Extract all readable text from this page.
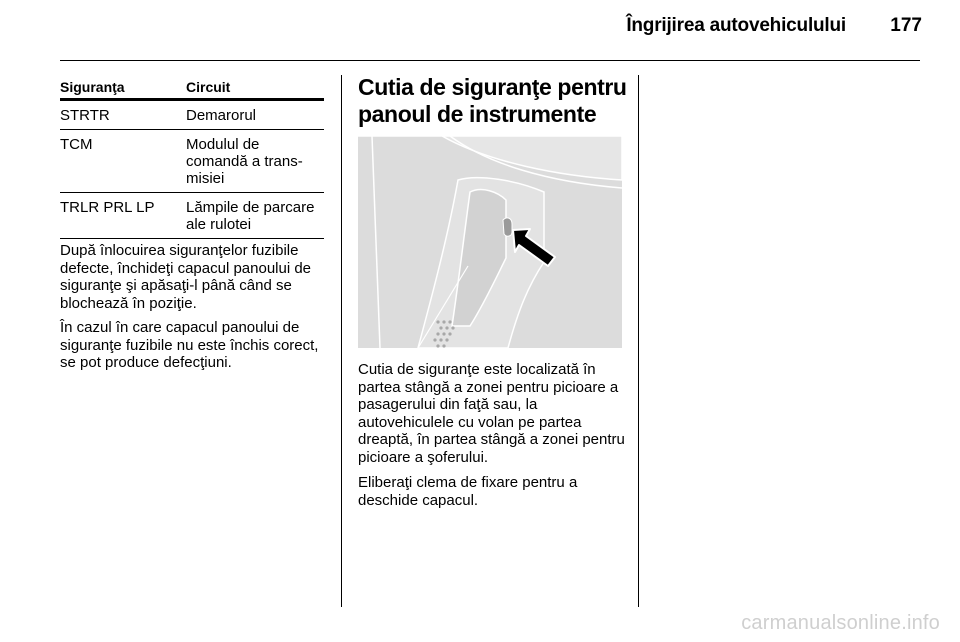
Îngrijirea autovehiculului	177
Siguranţa	Circuit
STRTR	Demarorul
TCM	Modulul de comandă a trans-misiei
TRLR PRL LP	Lămpile de parcare ale rulotei

După înlocuirea siguranţelor fuzibile defecte, închideţi capacul panoului de siguranţe şi apăsaţi-l până când se blochează în poziţie.

În cazul în care capacul panoului de siguranţe fuzibile nu este închis corect, se pot produce defecţiuni.

Cutia de siguranţe pentru panoul de instrumente

Cutia de siguranţe este localizată în partea stângă a zonei pentru picioare a pasagerului din faţă sau, la autovehiculele cu volan pe partea dreaptă, în partea stângă a zonei pentru picioare a şoferului.

Eliberaţi clema de fixare pentru a deschide capacul.

carmanualsonline.info
